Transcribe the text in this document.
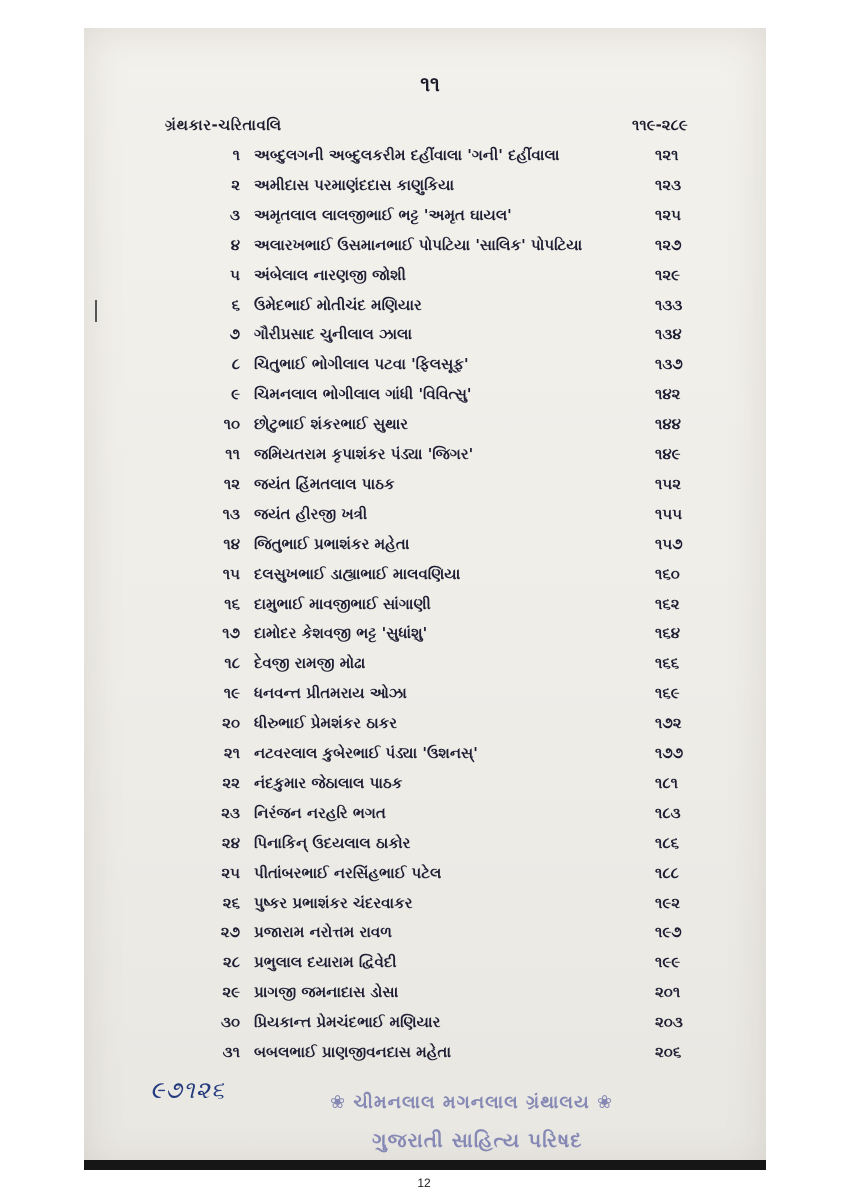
૧૧
ગ્રંથકાર-ચરિતાવલિ	૧૧૯-૨૮૯
૧ અબ્દુલગની અબ્દુલકરીમ દહીંવાલા 'ગની' દહીંવાલા	૧૨૧
૨ અમીદાસ પરમાણંદદાસ કાણુકિયા	૧૨૩
૩ અમૃતલાલ લાલજીભાઈ ભટ્ટ 'અમૃત ઘાયલ'	૧૨૫
૪ અલારખભાઈ ઉસમાનભાઈ પોપટિયા 'સાલિક' પોપટિયા	૧૨૭
૫ અંબેલાલ નારણજી જોશી	૧૨૯
૬ ઉમેદભાઈ મોતીચંદ મણિયાર	૧૩૩
૭ ગૌરીપ્રસાદ ચુનીલાલ ઝાલા	૧૩૪
૮ ચિતુભાઈ ભોગીલાલ પટવા 'ફિલસૂફ'	૧૩૭
૯ ચિમનલાલ ભોગીલાલ ગાંધી 'વિવિત્સુ'	૧૪૨
૧૦ છોટુભાઈ શંકરભાઈ સુથાર	૧૪૪
૧૧ જમિયતરામ કૃપાશંકર પંડ્યા 'જિગર'	૧૪૯
૧૨ જયંત હિંમતલાલ પાઠક	૧૫૨
૧૩ જયંત હીરજી ખત્રી	૧૫૫
૧૪ જિતુભાઈ પ્રભાશંકર મહેતા	૧૫૭
૧૫ દલસુખભાઈ ડાહ્યાભાઈ માલવણિયા	૧૬૦
૧૬ દામુભાઈ માવજીભાઈ સાંગાણી	૧૬૨
૧૭ દામોદર કેશવજી ભટ્ટ 'સુધાંશુ'	૧૬૪
૧૮ દેવજી રામજી મોઢા	૧૬૬
૧૯ ધનવન્ત પ્રીતમરાય ઓઝા	૧૬૯
૨૦ ધીરુભાઈ પ્રેમશંકર ઠાકર	૧૭૨
૨૧ નટવરલાલ કુબેરભાઈ પંડ્યા 'ઉશનસ્'	૧૭૭
૨૨ નંદકુમાર જેઠાલાલ પાઠક	૧૮૧
૨૩ નિરંજન નરહરિ ભગત	૧૮૩
૨૪ પિનાકિન્ ઉદયલાલ ઠાકોર	૧૮૬
૨૫ પીતાંબરભાઈ નરસિંહભાઈ પટેલ	૧૮૮
૨૬ પુષ્કર પ્રભાશંકર ચંદરવાકર	૧૯૨
૨૭ પ્રજારામ નરોત્તમ રાવળ	૧૯૭
૨૮ પ્રભુલાલ દયારામ દ્વિવેદી	૧૯૯
૨૯ પ્રાગજી જમનાદાસ ડોસા	૨૦૧
૩૦ પ્રિયકાન્ત પ્રેમચંદભાઈ મણિયાર	૨૦૩
૩૧ બબલભાઈ પ્રાણજીવનદાસ મહેતા	૨૦૬
૯૭૧૨૬	❀ ચીમનલાલ મગનલાલ ગ્રંથાલય ❀
ગુજરાતી સાહિત્ય પરિષદ
12
